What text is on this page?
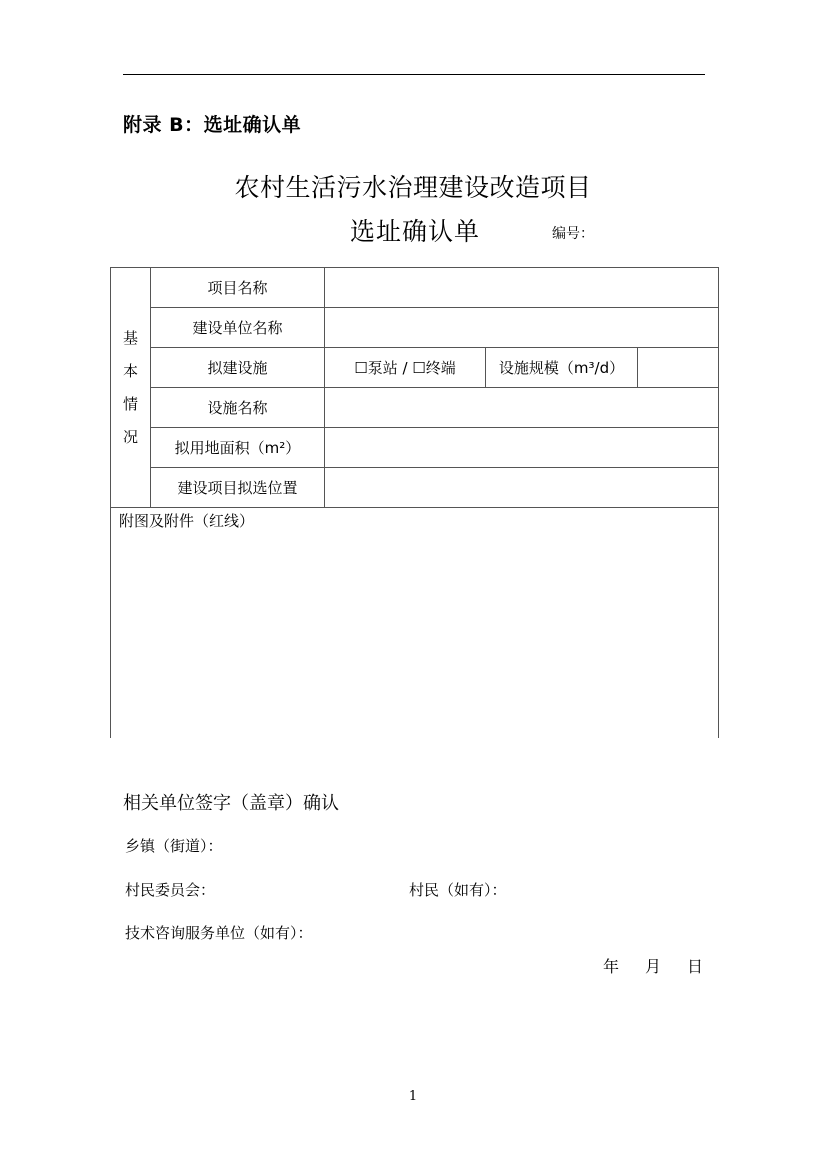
附录 B：选址确认单
农村生活污水治理建设改造项目
选址确认单	编号：
基
本
情
况	项目名称			
	建设单位名称			
	拟建设施	☐泵站 / ☐终端	设施规模（m³/d）	
	设施名称			
	拟用地面积（m²）			
	建设项目拟选位置			
附图及附件（红线）				
相关单位签字（盖章）确认
乡镇（街道）：
村民委员会：	村民（如有）：
技术咨询服务单位（如有）：
年 月 日
1
